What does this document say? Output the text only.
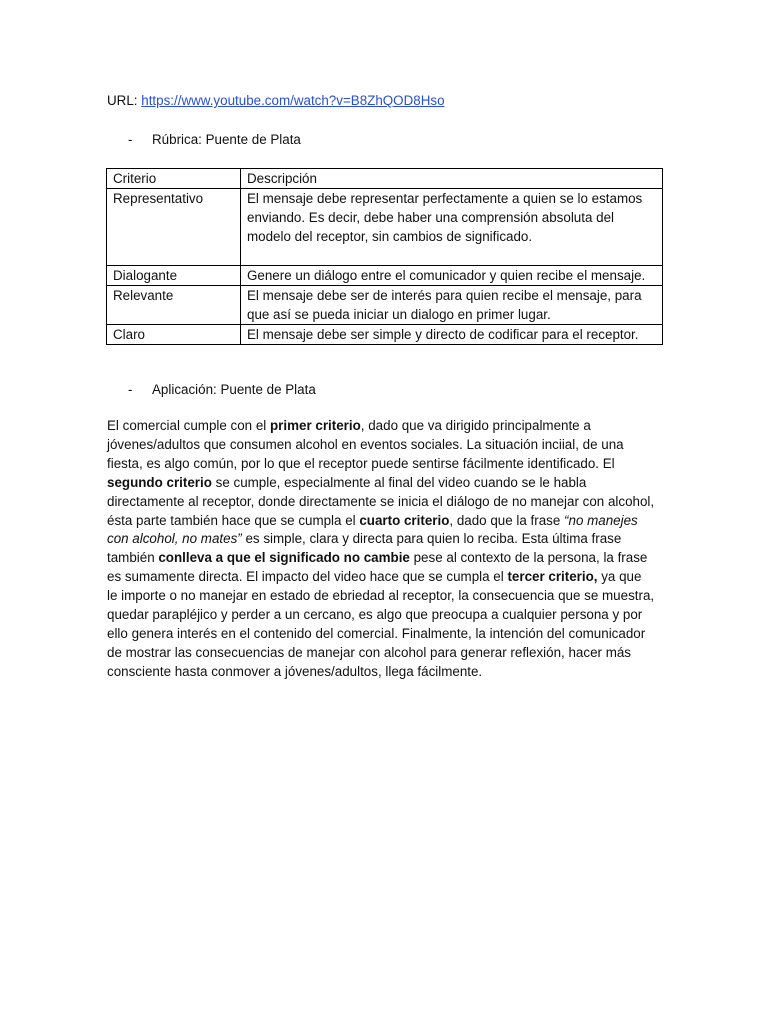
URL: https://www.youtube.com/watch?v=B8ZhQOD8Hso
- Rúbrica: Puente de Plata
Criterio	Descripción
Representativo	El mensaje debe representar perfectamente a quien se lo estamos enviando. Es decir, debe haber una comprensión absoluta del modelo del receptor, sin cambios de significado.
Dialogante	Genere un diálogo entre el comunicador y quien recibe el mensaje.
Relevante	El mensaje debe ser de interés para quien recibe el mensaje, para que así se pueda iniciar un dialogo en primer lugar.
Claro	El mensaje debe ser simple y directo de codificar para el receptor.
- Aplicación: Puente de Plata
El comercial cumple con el primer criterio, dado que va dirigido principalmente a jóvenes/adultos que consumen alcohol en eventos sociales. La situación inciial, de una fiesta, es algo común, por lo que el receptor puede sentirse fácilmente identificado. El segundo criterio se cumple, especialmente al final del video cuando se le habla directamente al receptor, donde directamente se inicia el diálogo de no manejar con alcohol, ésta parte también hace que se cumpla el cuarto criterio, dado que la frase “no manejes con alcohol, no mates” es simple, clara y directa para quien lo reciba. Esta última frase también conlleva a que el significado no cambie pese al contexto de la persona, la frase es sumamente directa. El impacto del video hace que se cumpla el tercer criterio, ya que le importe o no manejar en estado de ebriedad al receptor, la consecuencia que se muestra, quedar parapléjico y perder a un cercano, es algo que preocupa a cualquier persona y por ello genera interés en el contenido del comercial. Finalmente, la intención del comunicador de mostrar las consecuencias de manejar con alcohol para generar reflexión, hacer más consciente hasta conmover a jóvenes/adultos, llega fácilmente.
